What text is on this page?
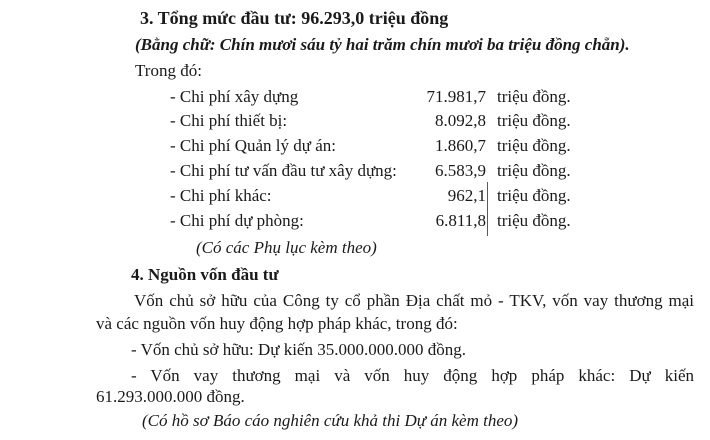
3. Tổng mức đầu tư: 96.293,0 triệu đồng
(Bằng chữ: Chín mươi sáu tỷ hai trăm chín mươi ba triệu đồng chẵn).
Trong đó:
- Chi phí xây dựng	71.981,7 triệu đồng.
- Chi phí thiết bị:	8.092,8 triệu đồng.
- Chi phí Quản lý dự án:	1.860,7 triệu đồng.
- Chi phí tư vấn đầu tư xây dựng: 6.583,9 triệu đồng.
- Chi phí khác:	962,1 triệu đồng.
- Chi phí dự phòng:	6.811,8 triệu đồng.
(Có các Phụ lục kèm theo)
4. Nguồn vốn đầu tư
Vốn chủ sở hữu của Công ty cổ phần Địa chất mỏ - TKV, vốn vay thương mại
và các nguồn vốn huy động hợp pháp khác, trong đó:
- Vốn chủ sở hữu: Dự kiến 35.000.000.000 đồng.
- Vốn vay thương mại và vốn huy động hợp pháp khác: Dự kiến
61.293.000.000 đồng.
(Có hồ sơ Báo cáo nghiên cứu khả thi Dự án kèm theo)
